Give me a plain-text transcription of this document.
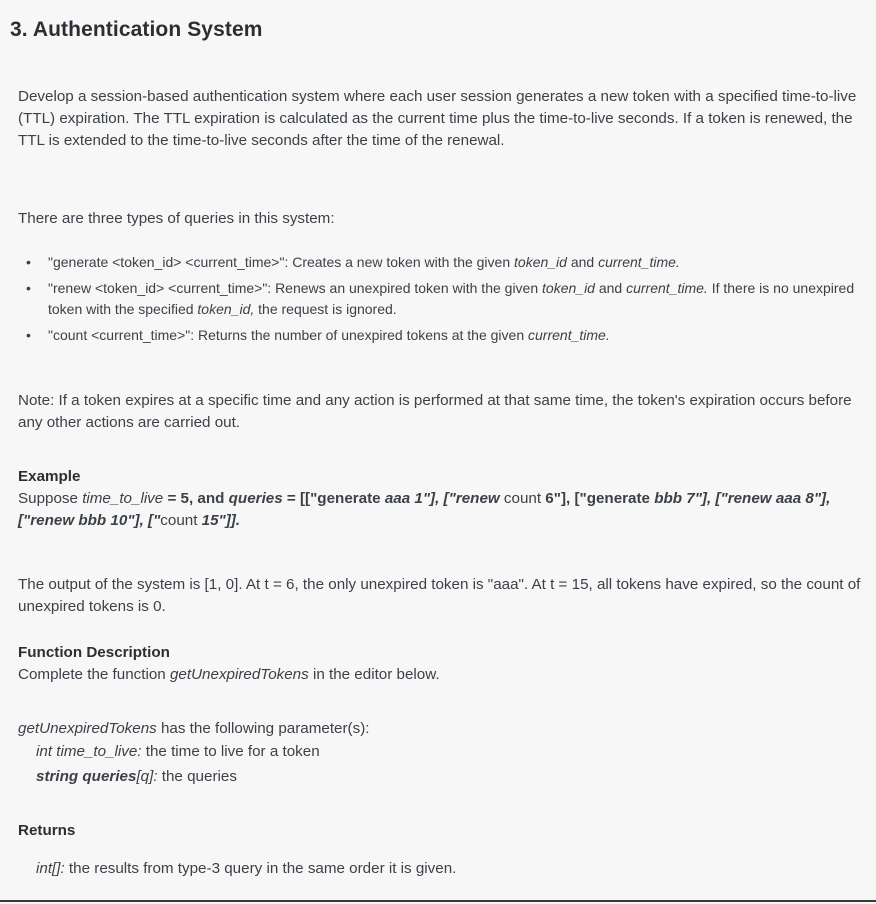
3. Authentication System
Develop a session-based authentication system where each user session generates a new token with a specified time-to-live (TTL) expiration. The TTL expiration is calculated as the current time plus the time-to-live seconds. If a token is renewed, the TTL is extended to the time-to-live seconds after the time of the renewal.
There are three types of queries in this system:
• "generate <token_id> <current_time>": Creates a new token with the given token_id and current_time.
• "renew <token_id> <current_time>": Renews an unexpired token with the given token_id and current_time. If there is no unexpired token with the specified token_id, the request is ignored.
• "count <current_time>": Returns the number of unexpired tokens at the given current_time.
Note: If a token expires at a specific time and any action is performed at that same time, the token's expiration occurs before any other actions are carried out.
Example
Suppose time_to_live = 5, and queries = [["generate aaa 1"], ["renew count 6"], ["generate bbb 7"], ["renew aaa 8"], ["renew bbb 10"], ["count 15"]].
The output of the system is [1, 0]. At t = 6, the only unexpired token is "aaa". At t = 15, all tokens have expired, so the count of unexpired tokens is 0.
Function Description
Complete the function getUnexpiredTokens in the editor below.
getUnexpiredTokens has the following parameter(s):
int time_to_live: the time to live for a token
string queries[q]: the queries
Returns
int[]: the results from type-3 query in the same order it is given.
